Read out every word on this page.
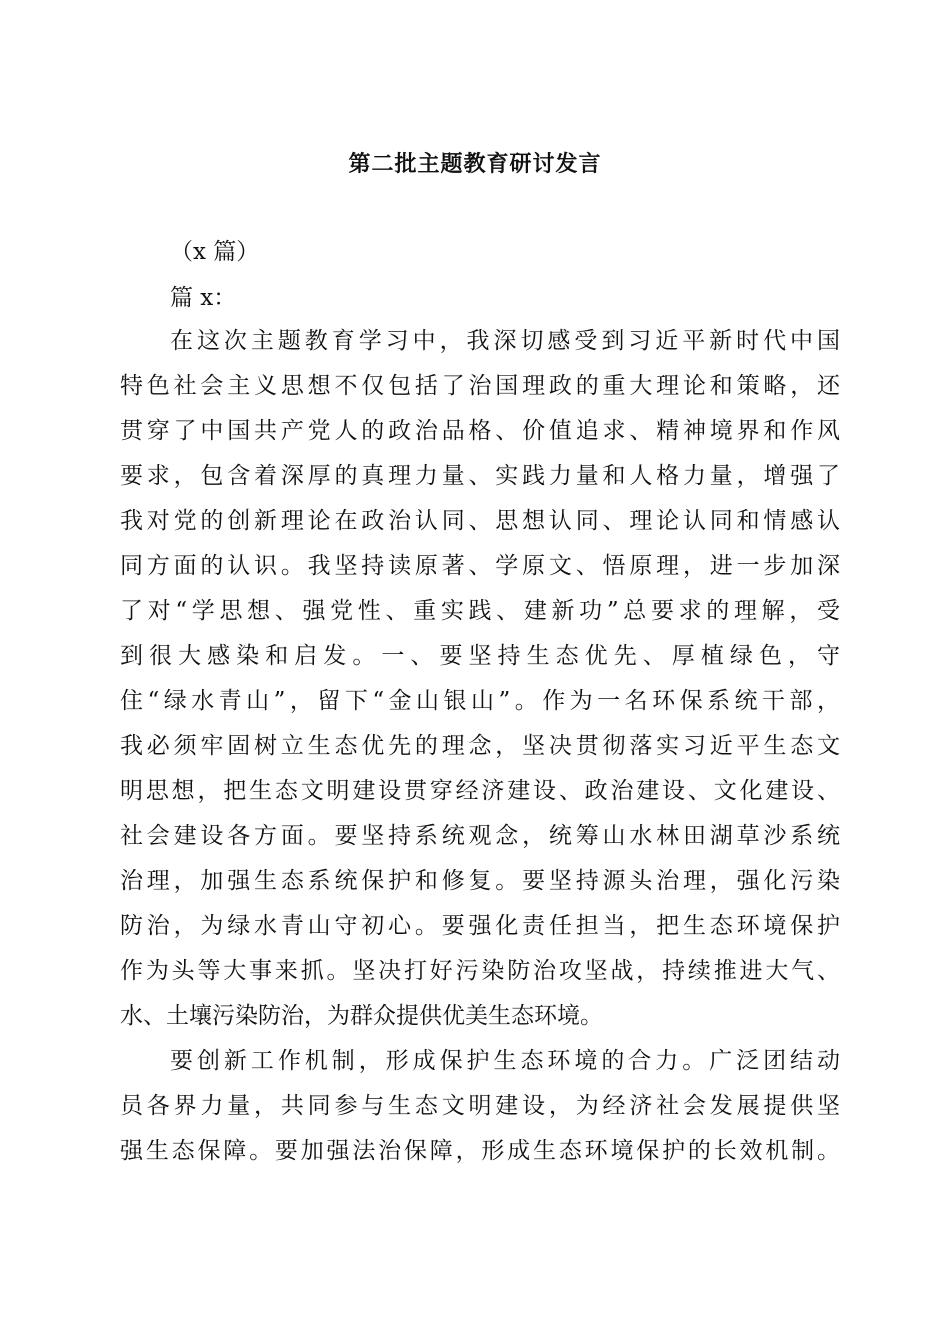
第二批主题教育研讨发言
（x 篇）
篇 x：
在这次主题教育学习中，我深切感受到习近平新时代中国
特色社会主义思想不仅包括了治国理政的重大理论和策略，还
贯穿了中国共产党人的政治品格、价值追求、精神境界和作风
要求，包含着深厚的真理力量、实践力量和人格力量，增强了
我对党的创新理论在政治认同、思想认同、理论认同和情感认
同方面的认识。我坚持读原著、学原文、悟原理，进一步加深
了对“学思想、强党性、重实践、建新功”总要求的理解，受
到很大感染和启发。一、要坚持生态优先、厚植绿色，守
住“绿水青山”，留下“金山银山”。作为一名环保系统干部，
我必须牢固树立生态优先的理念，坚决贯彻落实习近平生态文
明思想，把生态文明建设贯穿经济建设、政治建设、文化建设、
社会建设各方面。要坚持系统观念，统筹山水林田湖草沙系统
治理，加强生态系统保护和修复。要坚持源头治理，强化污染
防治，为绿水青山守初心。要强化责任担当，把生态环境保护
作为头等大事来抓。坚决打好污染防治攻坚战，持续推进大气、
水、土壤污染防治，为群众提供优美生态环境。
要创新工作机制，形成保护生态环境的合力。广泛团结动
员各界力量，共同参与生态文明建设，为经济社会发展提供坚
强生态保障。要加强法治保障，形成生态环境保护的长效机制。
